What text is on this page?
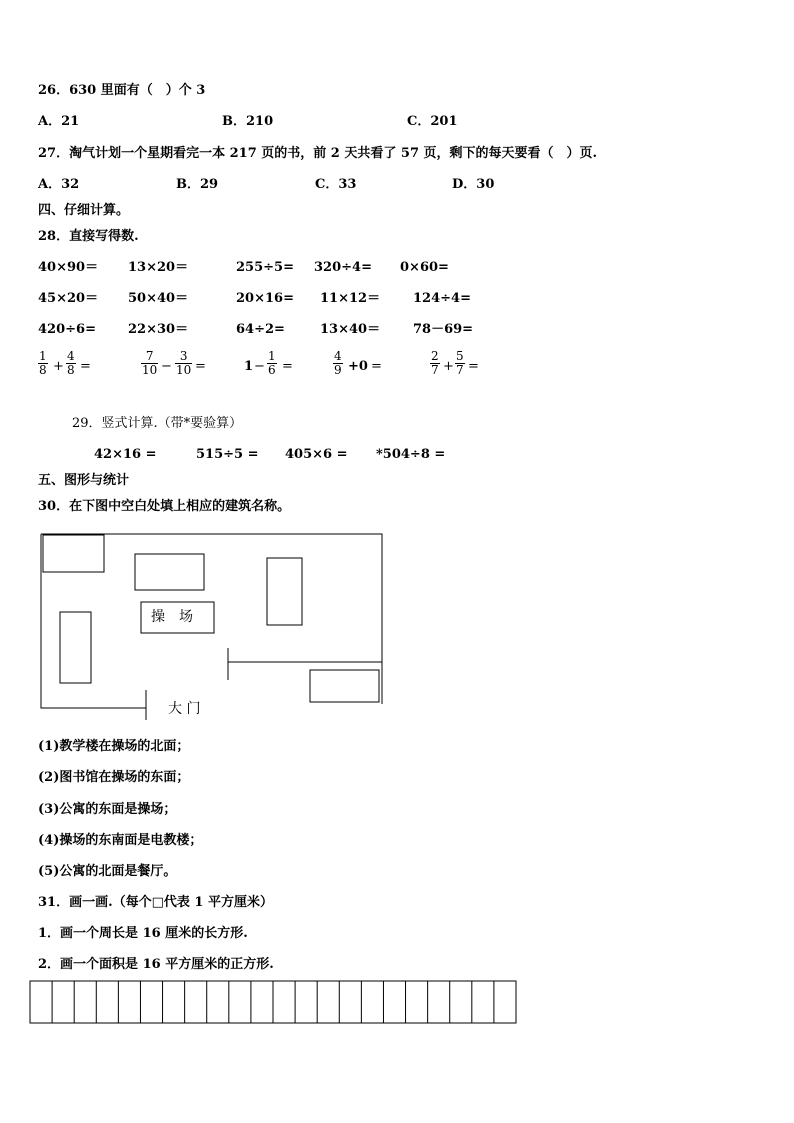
26．630 里面有（　）个 3
A．21	B．210	C．201
27．淘气计划一个星期看完一本 217 页的书，前 2 天共看了 57 页，剩下的每天要看（　）页.
A．32	B．29	C．33	D．30
四、仔细计算。
28．直接写得数.
40×90＝ 13×20＝	255÷5= 320÷4= 0×60=
45×20＝ 50×40＝	20×16= 11×12＝	124÷4=
420÷6= 22×30＝	64÷2=	13×40＝	78－69=
$\frac{1}{8} + \frac{4}{8}$ =	$\frac{7}{10} - \frac{3}{10}$ =	$1 - \frac{1}{6}$ =	$\frac{4}{9} +0$ =	$\frac{2}{7} + \frac{5}{7}$ =
29．竖式计算.（带*要验算）
42×16 =	515÷5 = 405×6 = *504÷8 =
五、图形与统计
30．在下图中空白处填上相应的建筑名称。
操　场
大 门
(1)教学楼在操场的北面；
(2)图书馆在操场的东面；
(3)公寓的东面是操场；
(4)操场的东南面是电教楼；
(5)公寓的北面是餐厅。
31．画一画.（每个□代表 1 平方厘米）
1．画一个周长是 16 厘米的长方形.
2．画一个面积是 16 平方厘米的正方形.
